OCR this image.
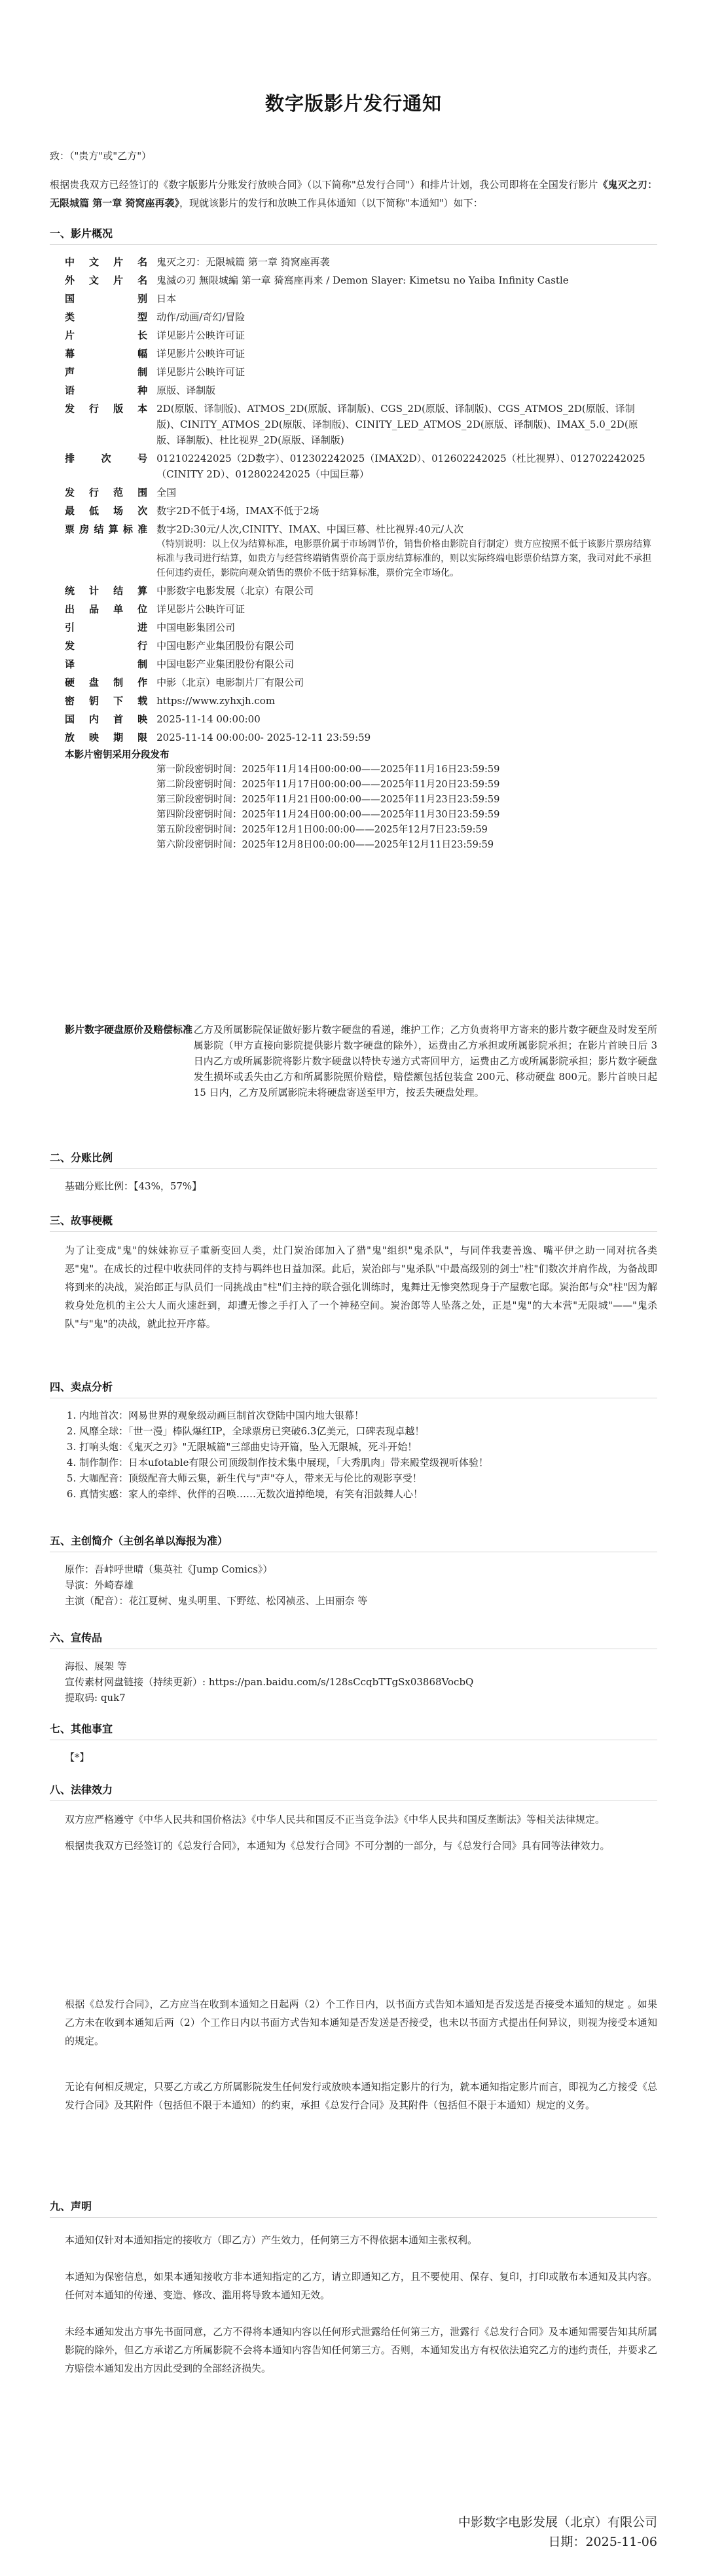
数字版影片发行通知
致：（"贵方"或"乙方"）
根据贵我双方已经签订的《数字版影片分账发行放映合同》（以下简称"总发行合同"）和排片计划，我公司即将在全国发行影片《鬼灭之刃：无限城篇 第一章 猗窝座再袭》，现就该影片的发行和放映工作具体通知（以下简称"本通知"）如下：
一、影片概况
中文片名	鬼灭之刃：无限城篇 第一章 猗窝座再袭

外文片名	鬼滅の刃 無限城編 第一章 猗窩座再来 / Demon Slayer: Kimetsu no Yaiba Infinity Castle

国别	日本

类型	动作/动画/奇幻/冒险

片长	详见影片公映许可证

幕幅	详见影片公映许可证

声制	详见影片公映许可证

语种	原版、译制版

发行版本	2D(原版、译制版)、ATMOS_2D(原版、译制版)、CGS_2D(原版、译制版)、CGS_ATMOS_2D(原版、译制版)、CINITY_ATMOS_2D(原版、译制版)、CINITY_LED_ATMOS_2D(原版、译制版)、IMAX_5.0_2D(原版、译制版)、杜比视界_2D(原版、译制版)

排次号	012102242025（2D数字）、012302242025（IMAX2D）、012602242025（杜比视界）、012702242025（CINITY 2D）、012802242025（中国巨幕）

发行范围	全国

最低场次	数字2D不低于4场，IMAX不低于2场

票房结算标准	数字2D:30元/人次,CINITY、IMAX、中国巨幕、杜比视界:40元/人次
（特别说明：以上仅为结算标准，电影票价属于市场调节价，销售价格由影院自行制定）贵方应按照不低于该影片票房结算标准与我司进行结算，如贵方与经营终端销售票价高于票房结算标准的，则以实际终端电影票价结算方案，我司对此不承担任何违约责任，影院向观众销售的票价不低于结算标准，票价完全市场化。

统计结算	中影数字电影发展（北京）有限公司

出品单位	详见影片公映许可证

引进	中国电影集团公司

发行	中国电影产业集团股份有限公司

译制	中国电影产业集团股份有限公司

硬盘制作	中影（北京）电影制片厂有限公司

密钥下载	https://www.zyhxjh.com

国内首映	2025-11-14 00:00:00

放映期限	2025-11-14 00:00:00- 2025-12-11 23:59:59
本影片密钥采用分段发布
第一阶段密钥时间：2025年11月14日00:00:00——2025年11月16日23:59:59
第二阶段密钥时间：2025年11月17日00:00:00——2025年11月20日23:59:59
第三阶段密钥时间：2025年11月21日00:00:00——2025年11月23日23:59:59
第四阶段密钥时间：2025年11月24日00:00:00——2025年11月30日23:59:59
第五阶段密钥时间：2025年12月1日00:00:00——2025年12月7日23:59:59
第六阶段密钥时间：2025年12月8日00:00:00——2025年12月11日23:59:59
影片数字硬盘原价及赔偿标准 乙方及所属影院保证做好影片数字硬盘的看递，维护工作；乙方负责将甲方寄来的影片数字硬盘及时发至所属影院（甲方直接向影院提供影片数字硬盘的除外），运费由乙方承担或所属影院承担；在影片首映日后 3 日内乙方或所属影院将影片数字硬盘以特快专递方式寄回甲方，运费由乙方或所属影院承担；影片数字硬盘发生损坏或丢失由乙方和所属影院照价赔偿，赔偿额包括包装盒 200元、移动硬盘 800元。影片首映日起 15 日内，乙方及所属影院未将硬盘寄送至甲方，按丢失硬盘处理。
二、分账比例
基础分账比例：【43%，57%】
三、故事梗概
为了让变成"鬼"的妹妹祢豆子重新变回人类，灶门炭治郎加入了猎"鬼"组织"鬼杀队"，与同伴我妻善逸、嘴平伊之助一同对抗各类恶"鬼"。在成长的过程中收获同伴的支持与羁绊也日益加深。此后，炭治郎与"鬼杀队"中最高级别的剑士"柱"们数次并肩作战，为备战即将到来的决战，炭治郎正与队员们一同挑战由"柱"们主持的联合强化训练时，鬼舞辻无惨突然现身于产屋敷宅邸。炭治郎与众"柱"因为解救身处危机的主公大人而火速赶到，却遭无惨之手打入了一个神秘空间。炭治郎等人坠落之处，正是"鬼"的大本营"无限城"——"鬼杀队"与"鬼"的决战，就此拉开序幕。
四、卖点分析
1. 内地首次：网易世界的观象级动画巨制首次登陆中国内地大银幕！
2. 风靡全球：「世一漫」棒队爆红IP，全球票房已突破6.3亿美元，口碑表现卓越！
3. 打响头炮：《鬼灭之刃》"无限城篇"三部曲史诗开篇，坠入无限城，死斗开始！
4. 制作制作：日本ufotable有限公司顶级制作技术集中展现，「大秀肌肉」带来殿堂级视听体验！
5. 大咖配音：顶级配音大师云集，新生代与"声"夺人，带来无与伦比的观影享受！
6. 真情实感：家人的牵绊、伙伴的召唤……无数次道掉绝境，有笑有泪鼓舞人心！
五、主创简介（主创名单以海报为准）
原作：吾峠呼世晴（集英社《Jump Comics》）
导演：外崎春雄
主演（配音）：花江夏树、鬼头明里、下野纮、松冈祯丞、上田丽奈 等
六、宣传品
海报、展架 等
宣传素材网盘链接（持续更新）: https://pan.baidu.com/s/128sCcqbTTgSx03868VocbQ
提取码: quk7
七、其他事宜
【*】
八、法律效力
双方应严格遵守《中华人民共和国价格法》《中华人民共和国反不正当竞争法》《中华人民共和国反垄断法》等相关法律规定。
根据贵我双方已经签订的《总发行合同》，本通知为《总发行合同》不可分割的一部分，与《总发行合同》具有同等法律效力。
根据《总发行合同》，乙方应当在收到本通知之日起两（2）个工作日内，以书面方式告知本通知是否发送是否接受本通知的规定 。如果乙方未在收到本通知后两（2）个工作日内以书面方式告知本通知是否发送是否接受，也未以书面方式提出任何异议，则视为接受本通知的规定。
无论有何相反规定，只要乙方或乙方所属影院发生任何发行或放映本通知指定影片的行为，就本通知指定影片而言，即视为乙方接受《总发行合同》及其附件（包括但不限于本通知）的约束，承担《总发行合同》及其附件（包括但不限于本通知）规定的义务。
九、声明
本通知仅针对本通知指定的接收方（即乙方）产生效力，任何第三方不得依据本通知主张权利。
本通知为保密信息，如果本通知接收方非本通知指定的乙方，请立即通知乙方，且不要使用、保存、复印，打印或散布本通知及其内容。任何对本通知的传递、变造、修改、滥用将导致本通知无效。
未经本通知发出方事先书面同意，乙方不得将本通知内容以任何形式泄露给任何第三方，泄露行《总发行合同》及本通知需要告知其所属影院的除外，但乙方承诺乙方所属影院不会将本通知内容告知任何第三方。否则，本通知发出方有权依法追究乙方的违约责任，并要求乙方赔偿本通知发出方因此受到的全部经济损失。
中影数字电影发展（北京）有限公司
日期：2025-11-06
